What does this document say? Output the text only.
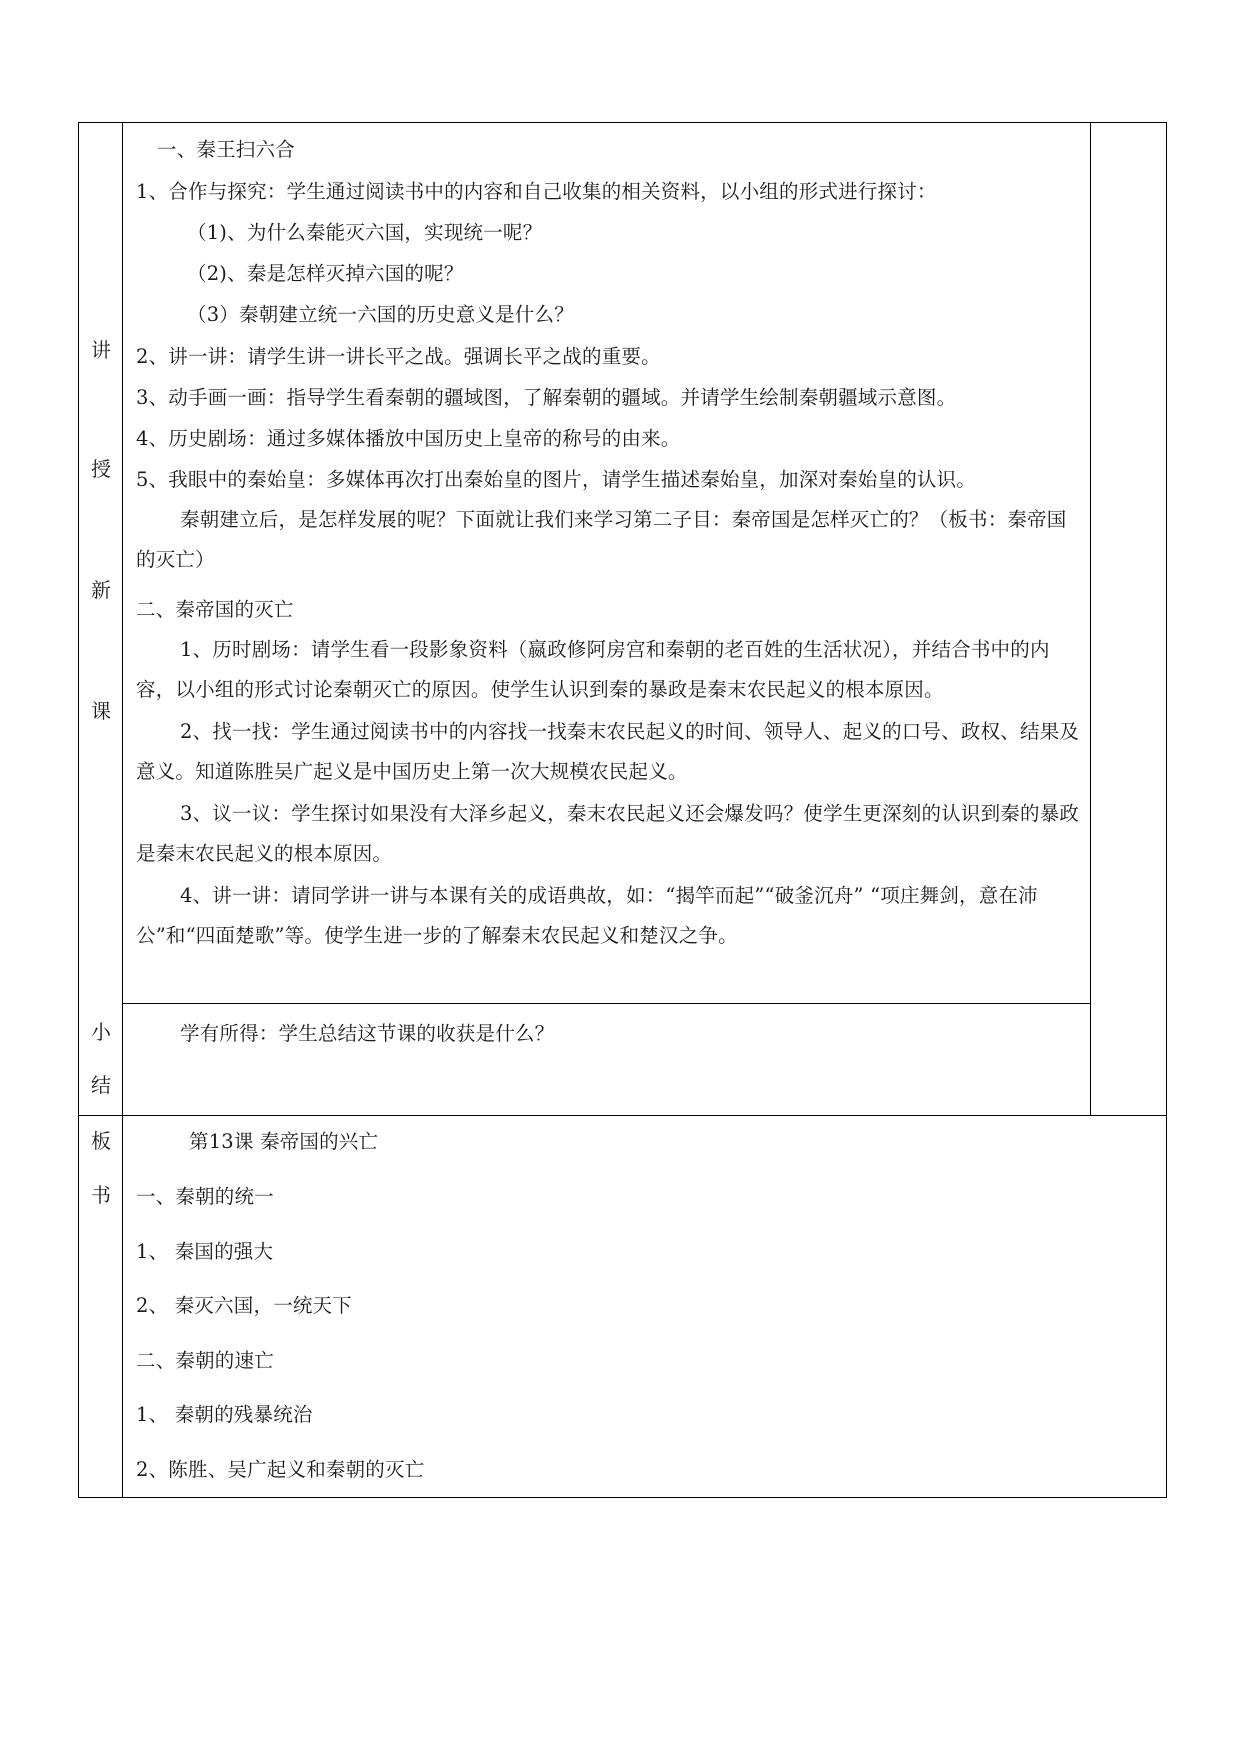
讲
授
新
课
一、秦王扫六合
1、合作与探究：学生通过阅读书中的内容和自己收集的相关资料，以小组的形式进行探讨：
（1)、为什么秦能灭六国，实现统一呢？
（2)、秦是怎样灭掉六国的呢？
（3）秦朝建立统一六国的历史意义是什么？
2、讲一讲：请学生讲一讲长平之战。强调长平之战的重要。
3、动手画一画：指导学生看秦朝的疆域图，了解秦朝的疆域。并请学生绘制秦朝疆域示意图。
4、历史剧场：通过多媒体播放中国历史上皇帝的称号的由来。
5、我眼中的秦始皇：多媒体再次打出秦始皇的图片，请学生描述秦始皇，加深对秦始皇的认识。
秦朝建立后，是怎样发展的呢？下面就让我们来学习第二子目：秦帝国是怎样灭亡的？（板书：秦帝国的灭亡）
二、秦帝国的灭亡
1、历时剧场：请学生看一段影象资料（嬴政修阿房宫和秦朝的老百姓的生活状况），并结合书中的内容，以小组的形式讨论秦朝灭亡的原因。使学生认识到秦的暴政是秦末农民起义的根本原因。
2、找一找：学生通过阅读书中的内容找一找秦末农民起义的时间、领导人、起义的口号、政权、结果及意义。知道陈胜吴广起义是中国历史上第一次大规模农民起义。
3、议一议：学生探讨如果没有大泽乡起义，秦末农民起义还会爆发吗？使学生更深刻的认识到秦的暴政是秦末农民起义的根本原因。
4、讲一讲：请同学讲一讲与本课有关的成语典故，如：“揭竿而起”“破釜沉舟” “项庄舞剑，意在沛公”和“四面楚歌”等。使学生进一步的了解秦末农民起义和楚汉之争。
小
结
学有所得：学生总结这节课的收获是什么？
板
书
第13课 秦帝国的兴亡
一、秦朝的统一
1、 秦国的强大
2、 秦灭六国，一统天下
二、秦朝的速亡
1、 秦朝的残暴统治
2、陈胜、吴广起义和秦朝的灭亡
